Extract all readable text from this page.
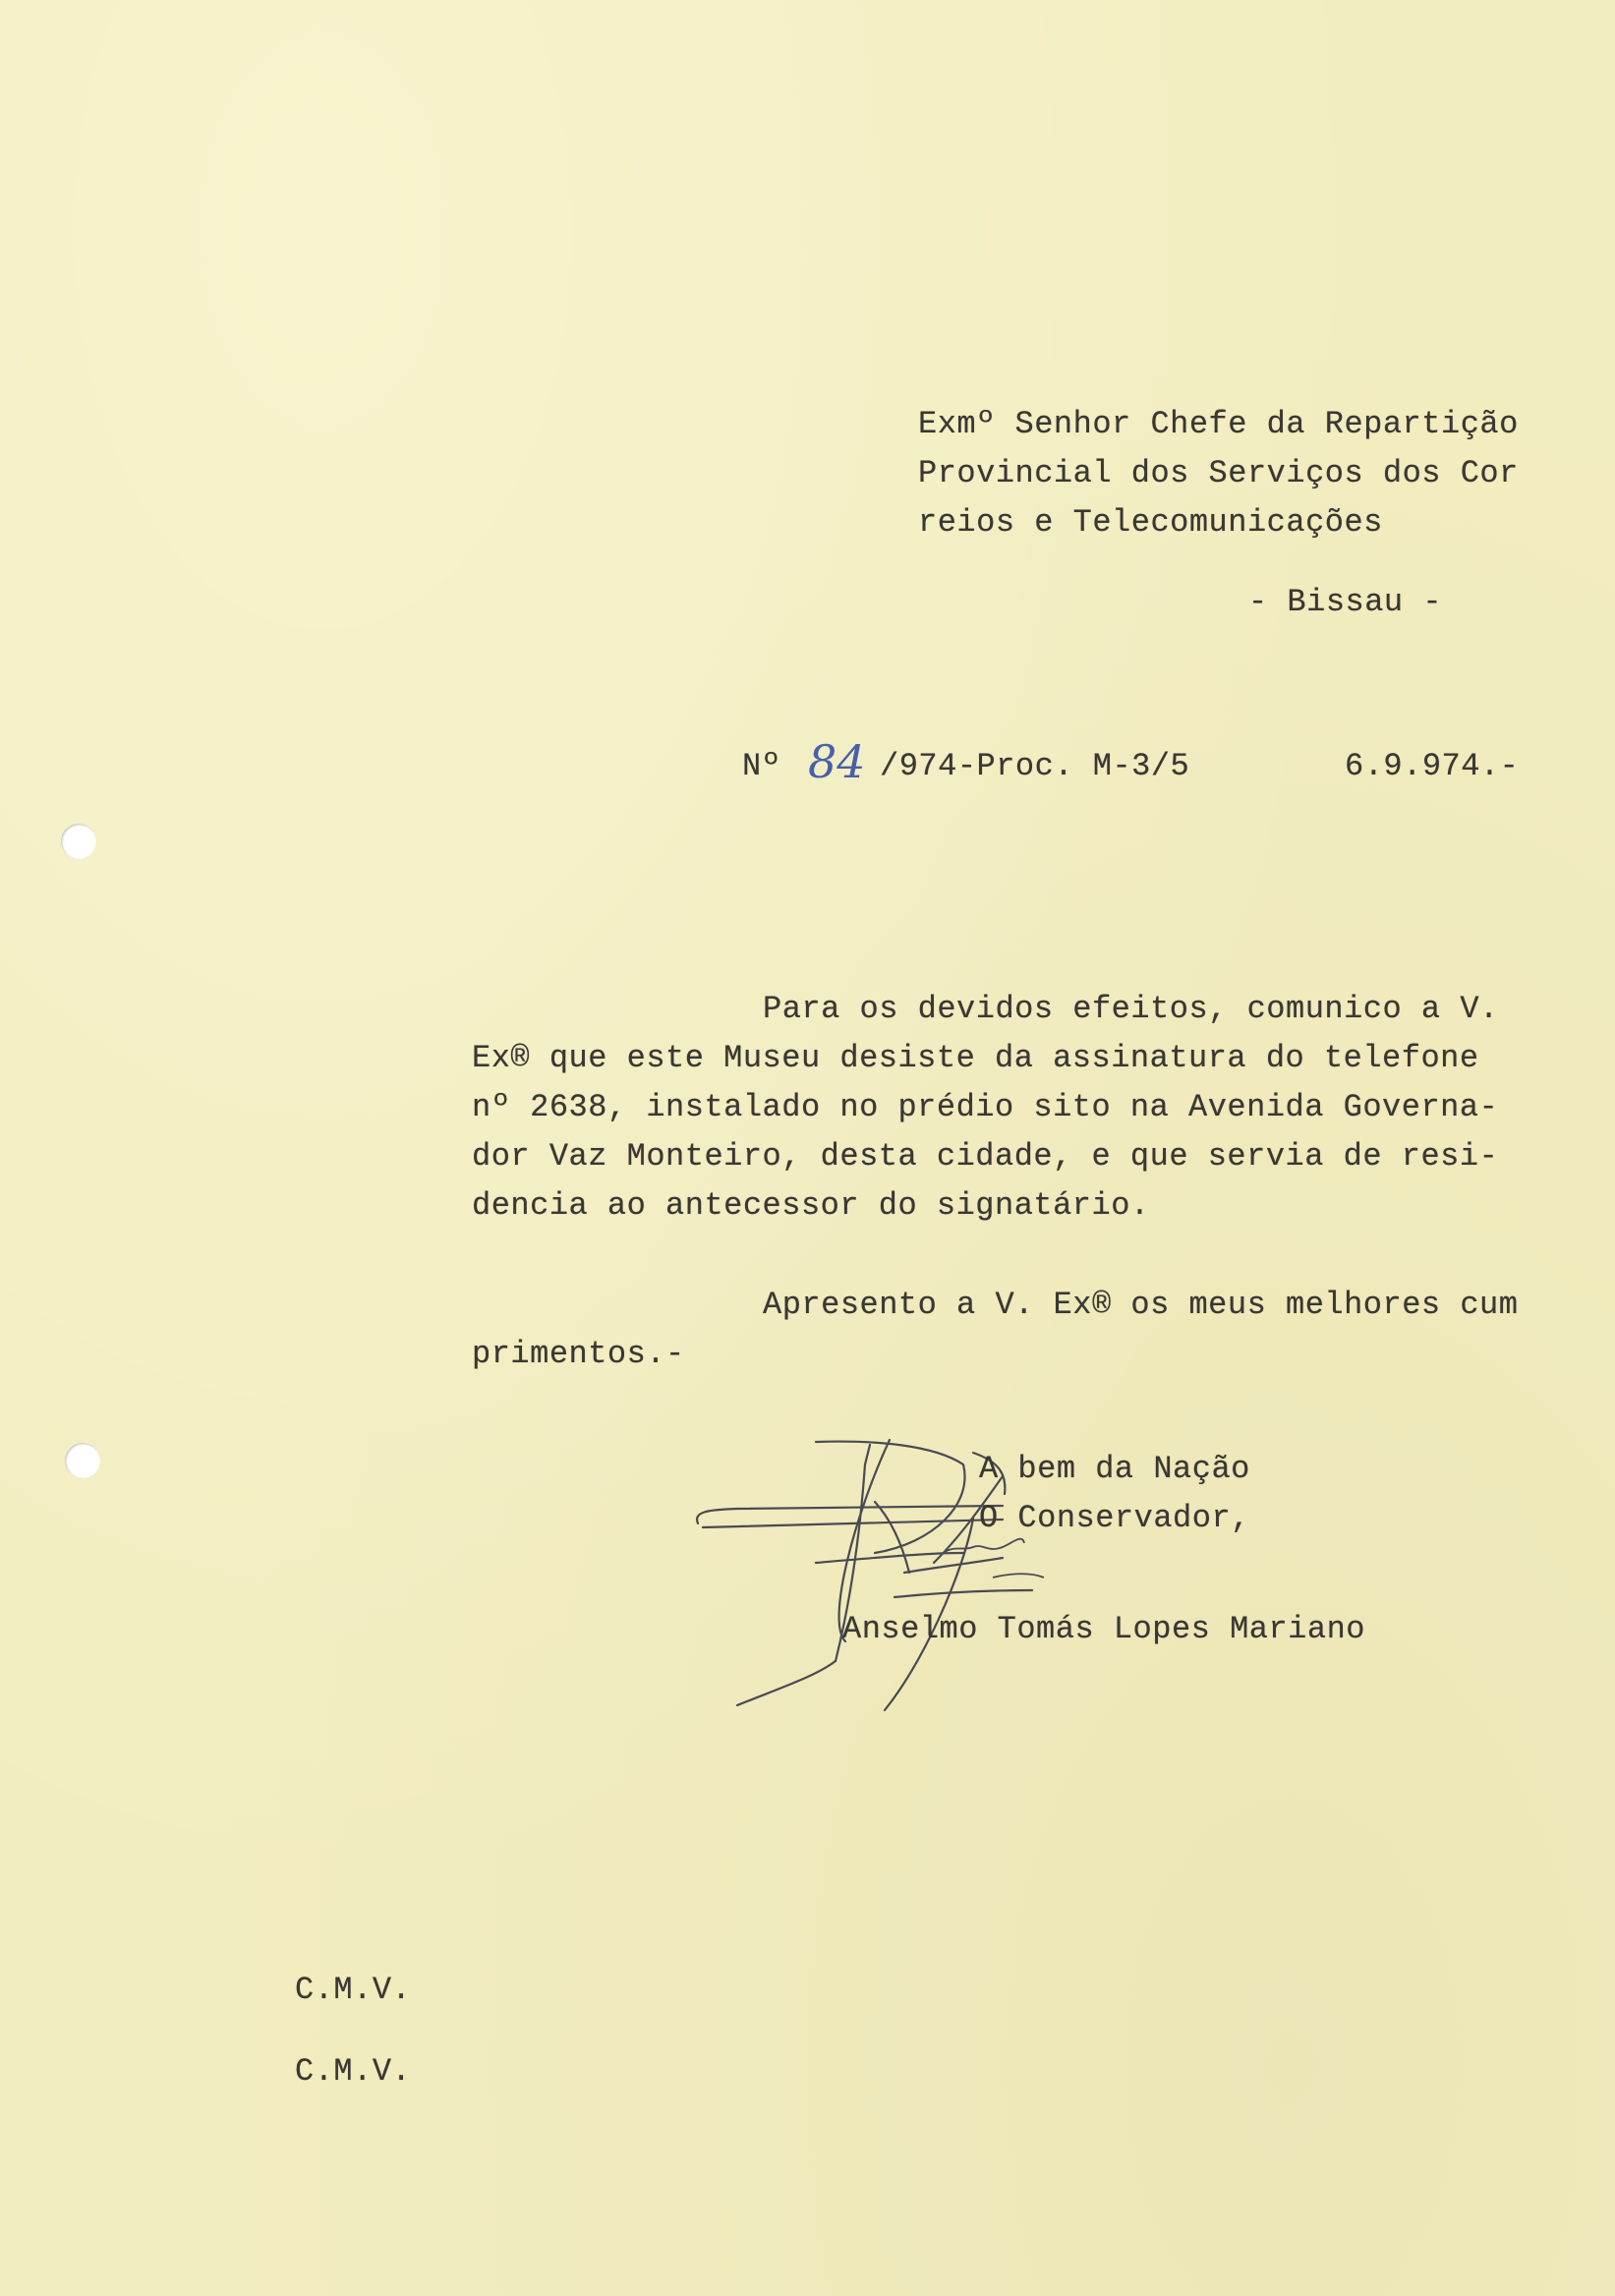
Exmº Senhor Chefe da Repartição
Provincial dos Serviços dos Cor
reios e Telecomunicações
- Bissau -
Nº 84 /974-Proc. M-3/5	6.9.974.-
Para os devidos efeitos, comunico a V.
Ex® que este Museu desiste da assinatura do telefone
nº 2638, instalado no prédio sito na Avenida Governa-
dor Vaz Monteiro, desta cidade, e que servia de resi-
dencia ao antecessor do signatário.
Apresento a V. Ex® os meus melhores cum
primentos.-
A bem da Nação
O Conservador,
Anselmo Tomás Lopes Mariano
C.M.V.
C.M.V.
